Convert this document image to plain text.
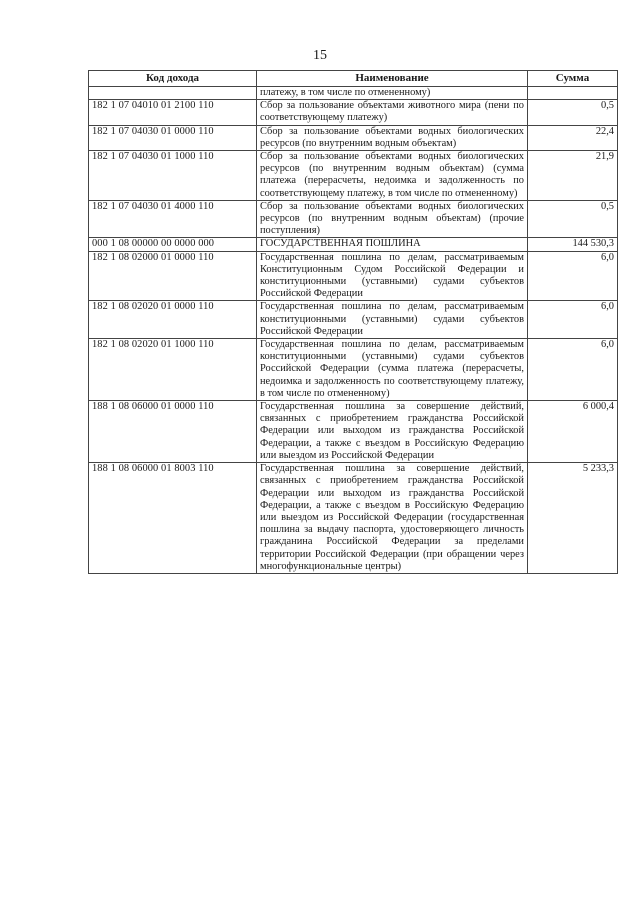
15
Код дохода	Наименование	Сумма
	платежу, в том числе по отмененному)	
182 1 07 04010 01 2100 110	Сбор за пользование объектами животного мира (пени по соответствующему платежу)	0,5
182 1 07 04030 01 0000 110	Сбор за пользование объектами водных биологических ресурсов (по внутренним водным объектам)	22,4
182 1 07 04030 01 1000 110	Сбор за пользование объектами водных биологических ресурсов (по внутренним водным объектам) (сумма платежа (перерасчеты, недоимка и задолженность по соответствующему платежу, в том числе по отмененному)	21,9
182 1 07 04030 01 4000 110	Сбор за пользование объектами водных биологических ресурсов (по внутренним водным объектам) (прочие поступления)	0,5
000 1 08 00000 00 0000 000	ГОСУДАРСТВЕННАЯ ПОШЛИНА	144 530,3
182 1 08 02000 01 0000 110	Государственная пошлина по делам, рассматриваемым Конституционным Судом Российской Федерации и конституционными (уставными) судами субъектов Российской Федерации	6,0
182 1 08 02020 01 0000 110	Государственная пошлина по делам, рассматриваемым конституционными (уставными) судами субъектов Российской Федерации	6,0
182 1 08 02020 01 1000 110	Государственная пошлина по делам, рассматриваемым конституционными (уставными) судами субъектов Российской Федерации (сумма платежа (перерасчеты, недоимка и задолженность по соответствующему платежу, в том числе по отмененному)	6,0
188 1 08 06000 01 0000 110	Государственная пошлина за совершение действий, связанных с приобретением гражданства Российской Федерации или выходом из гражданства Российской Федерации, а также с въездом в Российскую Федерацию или выездом из Российской Федерации	6 000,4
188 1 08 06000 01 8003 110	Государственная пошлина за совершение действий, связанных с приобретением гражданства Российской Федерации или выходом из гражданства Российской Федерации, а также с въездом в Российскую Федерацию или выездом из Российской Федерации (государственная пошлина за выдачу паспорта, удостоверяющего личность гражданина Российской Федерации за пределами территории Российской Федерации (при обращении через многофункциональные центры)	5 233,3
